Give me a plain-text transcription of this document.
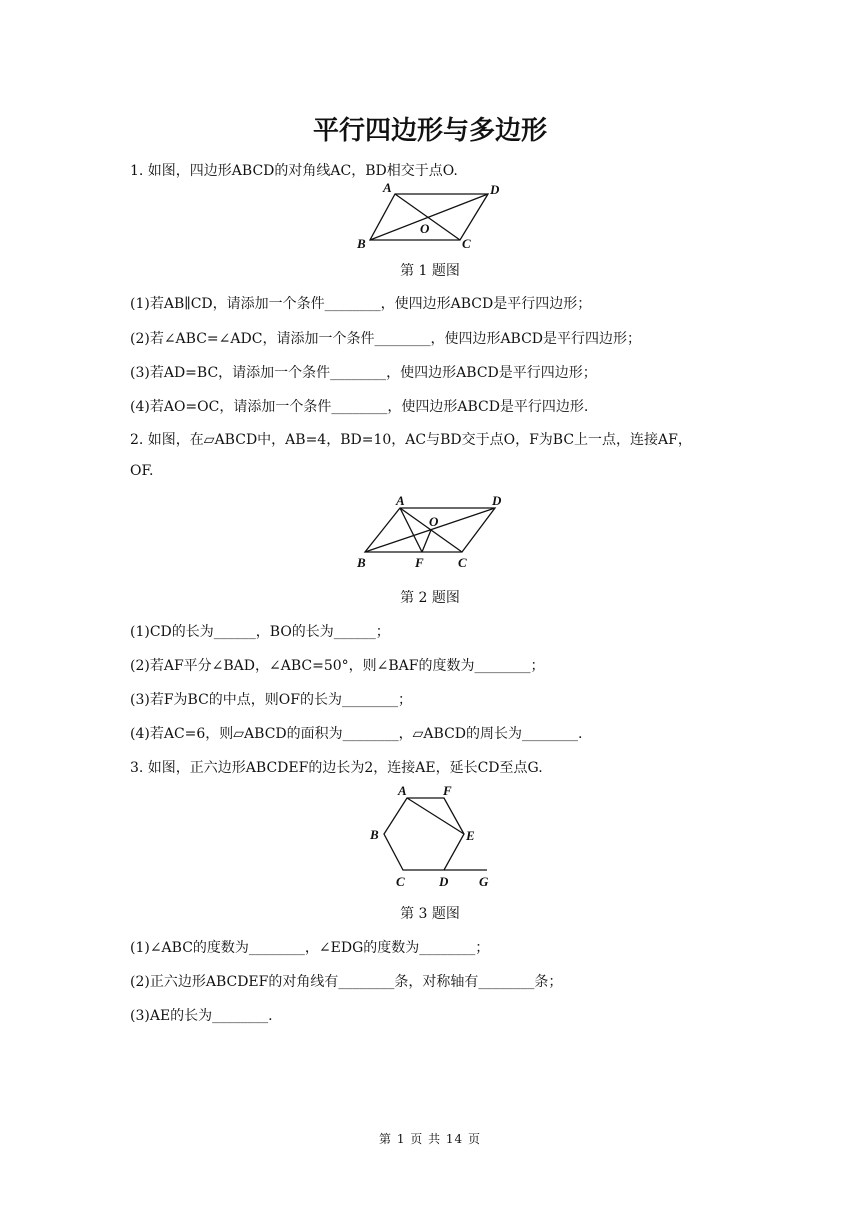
平行四边形与多边形
1. 如图，四边形ABCD的对角线AC，BD相交于点O.
A	D
B	C
O
第 1 题图
(1)若AB∥CD，请添加一个条件________，使四边形ABCD是平行四边形；
(2)若∠ABC=∠ADC，请添加一个条件________，使四边形ABCD是平行四边形；
(3)若AD=BC，请添加一个条件________，使四边形ABCD是平行四边形；
(4)若AO=OC，请添加一个条件________，使四边形ABCD是平行四边形.
2. 如图，在▱ABCD中，AB=4，BD=10，AC与BD交于点O，F为BC上一点，连接AF，
OF.
A	D
B	F	C
O
第 2 题图
(1)CD的长为______，BO的长为______；
(2)若AF平分∠BAD，∠ABC=50°，则∠BAF的度数为________；
(3)若F为BC的中点，则OF的长为________；
(4)若AC=6，则▱ABCD的面积为________，▱ABCD的周长为________.
3. 如图，正六边形ABCDEF的边长为2，连接AE，延长CD至点G.
A	F
B	E
C	D G
第 3 题图
(1)∠ABC的度数为________，∠EDG的度数为________；
(2)正六边形ABCDEF的对角线有________条，对称轴有________条；
(3)AE的长为________.
第 1 页 共 14 页
